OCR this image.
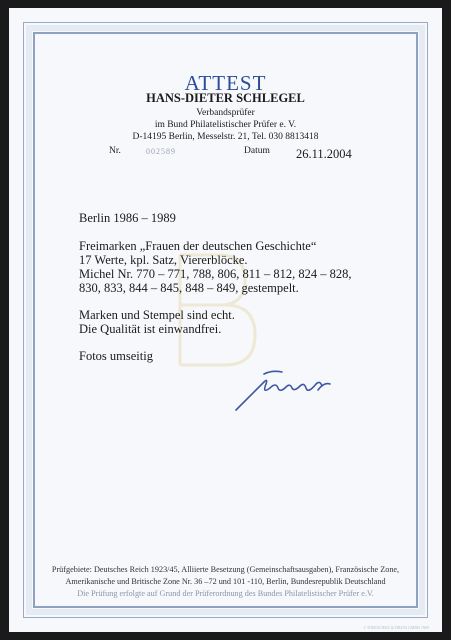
ATTEST
HANS-DIETER SCHLEGEL
Verbandsprüfer
im Bund Philatelistischer Prüfer e. V.
D-14195 Berlin, Messelstr. 21, Tel. 030 8813418
Nr.	002589	Datum 26.11.2004
Berlin 1986 – 1989
Freimarken „Frauen der deutschen Geschichte“
17 Werte, kpl. Satz, Viererblöcke.
Michel Nr. 770 – 771, 788, 806, 811 – 812, 824 – 828,
830, 833, 844 – 845, 848 – 849, gestempelt.
Marken und Stempel sind echt.
Die Qualität ist einwandfrei.
Fotos umseitig
Prüfgebiete: Deutsches Reich 1923/45, Alliierte Besetzung (Gemeinschaftsausgaben), Französische Zone,
Amerikanische und Britische Zone Nr. 36 –72 und 101 -110, Berlin, Bundesrepublik Deutschland
Die Prüfung erfolgte auf Grund der Prüferordnung des Bundes Philatelistischer Prüfer e.V.
© DIERSCHKE & DRUM GMBH 1989
